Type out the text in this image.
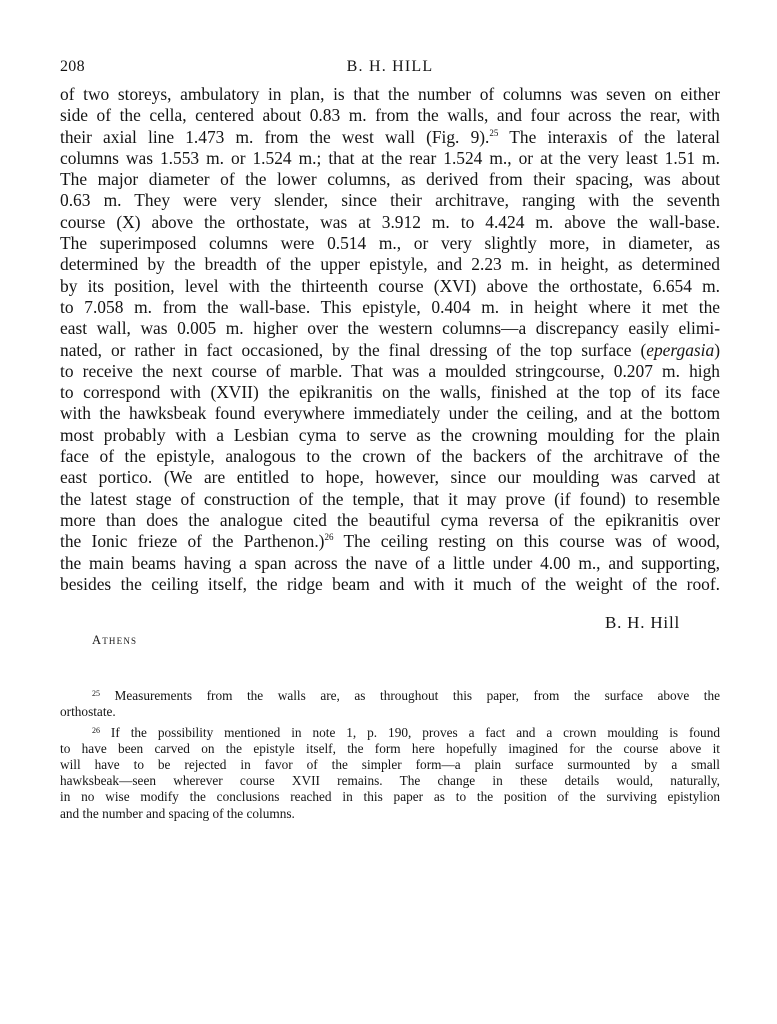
208	B. H. HILL
of two storeys, ambulatory in plan, is that the number of columns was seven on either
side of the cella, centered about 0.83 m. from the walls, and four across the rear, with
their axial line 1.473 m. from the west wall (Fig. 9).$^{25}$ The interaxis of the lateral
columns was 1.553 m. or 1.524 m.; that at the rear 1.524 m., or at the very least 1.51 m.
The major diameter of the lower columns, as derived from their spacing, was about
0.63 m. They were very slender, since their architrave, ranging with the seventh
course (X) above the orthostate, was at 3.912 m. to 4.424 m. above the wall-base.
The superimposed columns were 0.514 m., or very slightly more, in diameter, as
determined by the breadth of the upper epistyle, and 2.23 m. in height, as determined
by its position, level with the thirteenth course (XVI) above the orthostate, 6.654 m.
to 7.058 m. from the wall-base. This epistyle, 0.404 m. in height where it met the
east wall, was 0.005 m. higher over the western columns—a discrepancy easily elimi-
nated, or rather in fact occasioned, by the final dressing of the top surface (epergasia)
to receive the next course of marble. That was a moulded stringcourse, 0.207 m. high
to correspond with (XVII) the epikranitis on the walls, finished at the top of its face
with the hawksbeak found everywhere immediately under the ceiling, and at the bottom
most probably with a Lesbian cyma to serve as the crowning moulding for the plain
face of the epistyle, analogous to the crown of the backers of the architrave of the
east portico. (We are entitled to hope, however, since our moulding was carved at
the latest stage of construction of the temple, that it may prove (if found) to resemble
more than does the analogue cited the beautiful cyma reversa of the epikranitis over
the Ionic frieze of the Parthenon.)$^{26}$ The ceiling resting on this course was of wood,
the main beams having a span across the nave of a little under 4.00 m., and supporting,
besides the ceiling itself, the ridge beam and with it much of the weight of the roof.
B. H. Hill
Athens
$^{25}$ Measurements from the walls are, as throughout this paper, from the surface above the
orthostate.
$^{26}$ If the possibility mentioned in note 1, p. 190, proves a fact and a crown moulding is found
to have been carved on the epistyle itself, the form here hopefully imagined for the course above it
will have to be rejected in favor of the simpler form—a plain surface surmounted by a small
hawksbeak—seen wherever course XVII remains. The change in these details would, naturally,
in no wise modify the conclusions reached in this paper as to the position of the surviving epistylion
and the number and spacing of the columns.
